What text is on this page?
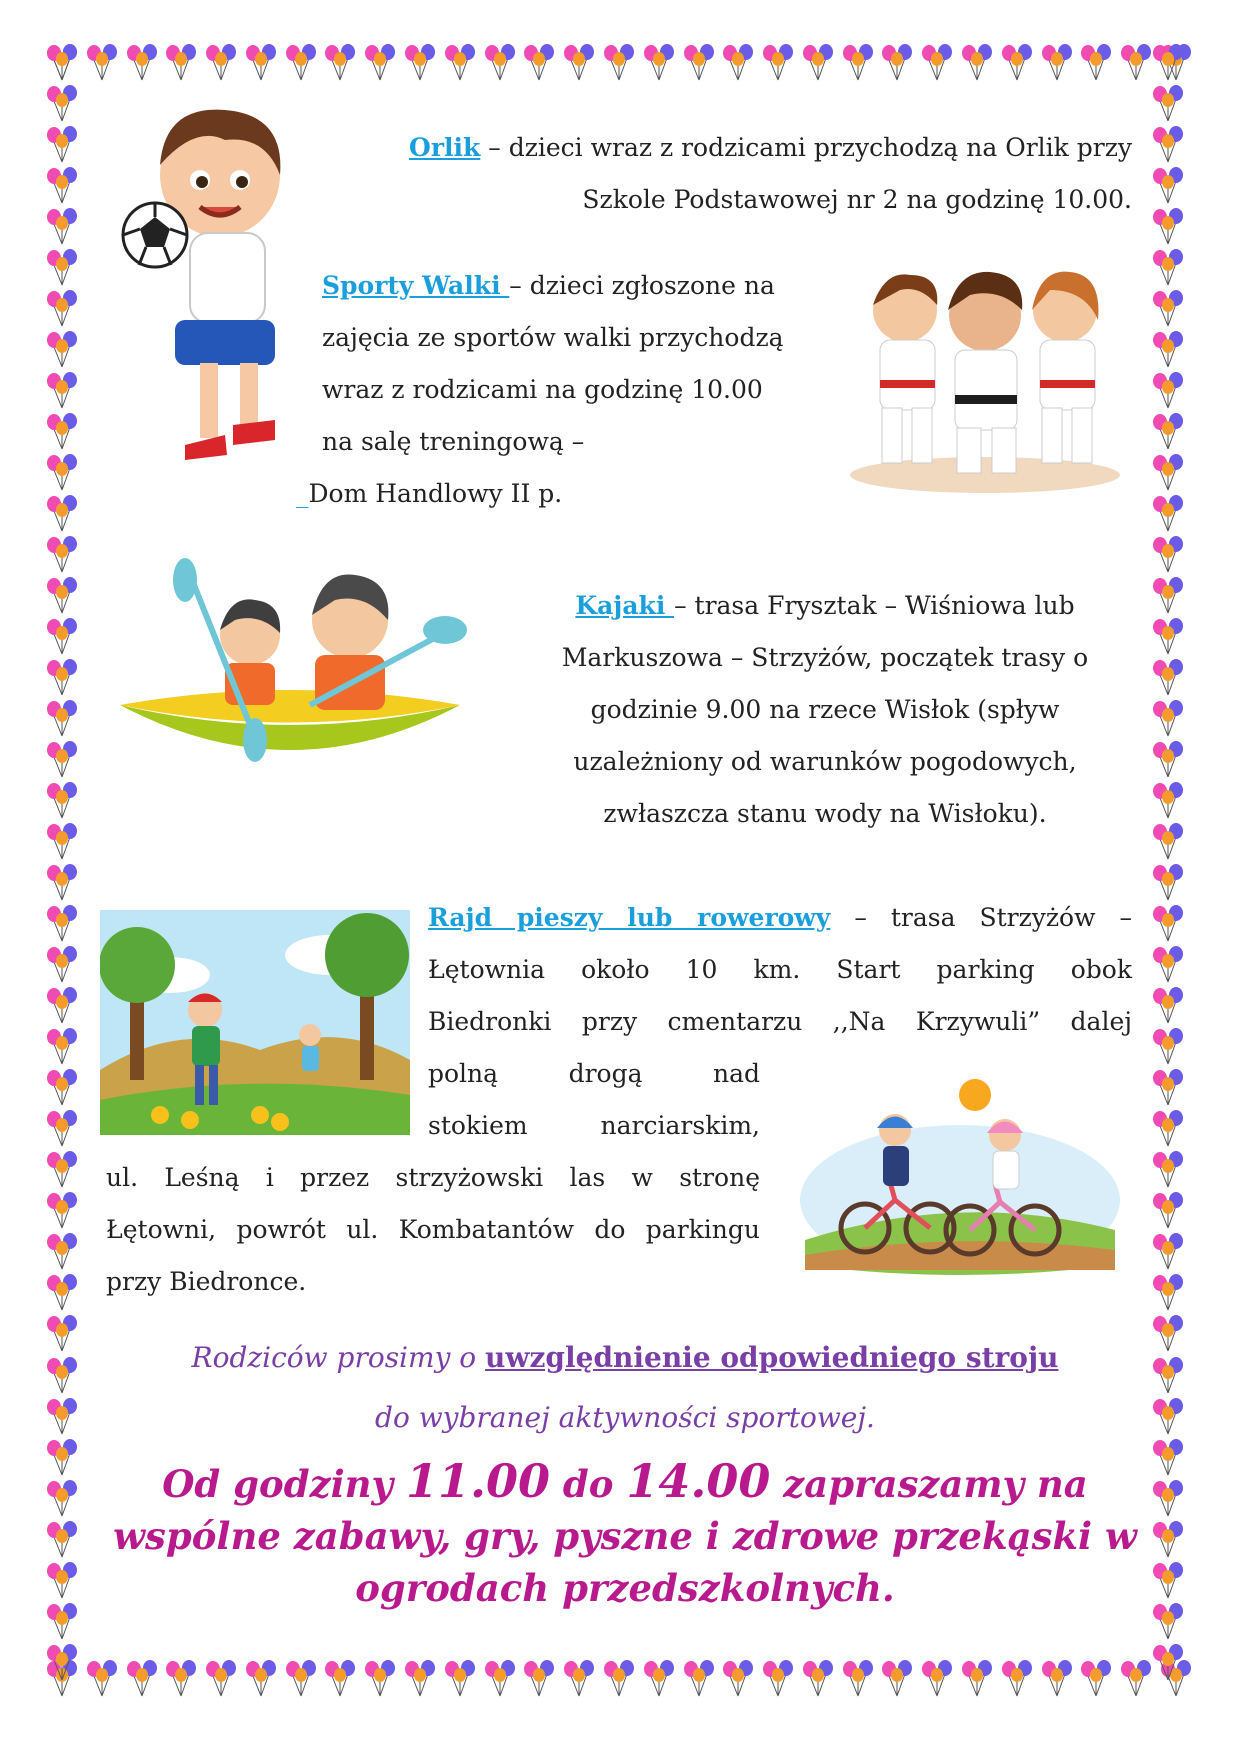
Orlik – dzieci wraz z rodzicami przychodzą na Orlik przy
Szkole Podstawowej nr 2 na godzinę 10.00.
Sporty Walki – dzieci zgłoszone na
zajęcia ze sportów walki przychodzą
wraz z rodzicami na godzinę 10.00
na salę treningową –
_Dom Handlowy II p.
Kajaki – trasa Frysztak – Wiśniowa lub
Markuszowa – Strzyżów, początek trasy o
godzinie 9.00 na rzece Wisłok (spływ
uzależniony od warunków pogodowych,
zwłaszcza stanu wody na Wisłoku).
Rajd pieszy lub rowerowy – trasa Strzyżów –
Łętownia około 10 km. Start parking obok
Biedronki przy cmentarzu ,,Na Krzywuli” dalej
polną drogą nad
stokiem narciarskim,
ul. Leśną i przez strzyżowski las w stronę
Łętowni, powrót ul. Kombatantów do parkingu
przy Biedronce.
Rodziców prosimy o uwzględnienie odpowiedniego stroju
do wybranej aktywności sportowej.
Od godziny 11.00 do 14.00 zapraszamy na wspólne zabawy, gry, pyszne i zdrowe przekąski w ogrodach przedszkolnych.
